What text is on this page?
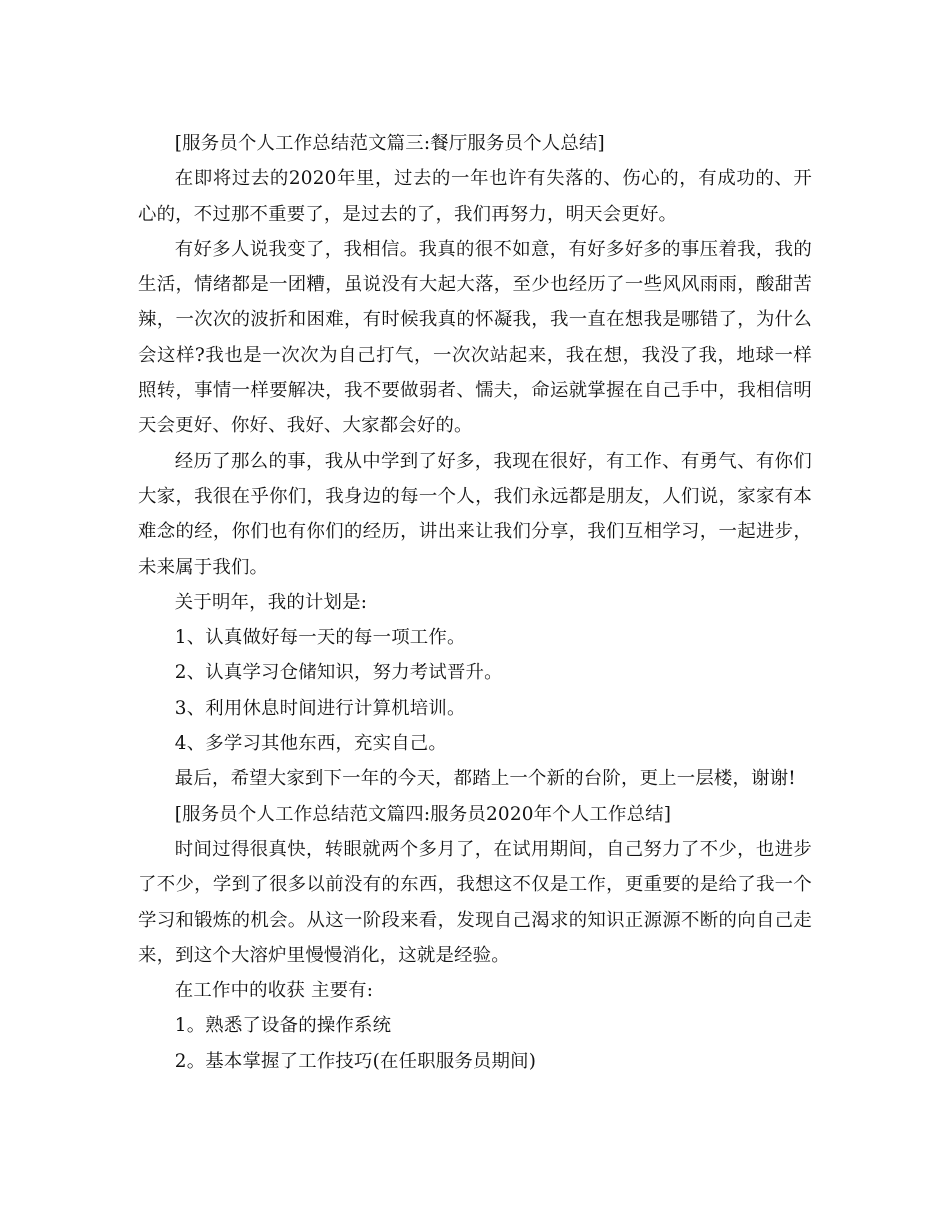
[服务员个人工作总结范文篇三:餐厅服务员个人总结]

在即将过去的2020年里，过去的一年也许有失落的、伤心的，有成功的、开心的，不过那不重要了，是过去的了，我们再努力，明天会更好。

有好多人说我变了，我相信。我真的很不如意，有好多好多的事压着我，我的生活，情绪都是一团糟，虽说没有大起大落，至少也经历了一些风风雨雨，酸甜苦辣，一次次的波折和困难，有时候我真的怀凝我，我一直在想我是哪错了，为什么会这样?我也是一次次为自己打气，一次次站起来，我在想，我没了我，地球一样照转，事情一样要解决，我不要做弱者、懦夫，命运就掌握在自己手中，我相信明天会更好、你好、我好、大家都会好的。

经历了那么的事，我从中学到了好多，我现在很好，有工作、有勇气、有你们大家，我很在乎你们，我身边的每一个人，我们永远都是朋友，人们说，家家有本难念的经，你们也有你们的经历，讲出来让我们分享，我们互相学习，一起进步，未来属于我们。

关于明年，我的计划是:

1、认真做好每一天的每一项工作。

2、认真学习仓储知识，努力考试晋升。

3、利用休息时间进行计算机培训。

4、多学习其他东西，充实自己。

最后，希望大家到下一年的今天，都踏上一个新的台阶，更上一层楼，谢谢!

[服务员个人工作总结范文篇四:服务员2020年个人工作总结]

时间过得很真快，转眼就两个多月了，在试用期间，自己努力了不少，也进步了不少，学到了很多以前没有的东西，我想这不仅是工作，更重要的是给了我一个学习和锻炼的机会。从这一阶段来看，发现自己渴求的知识正源源不断的向自己走来，到这个大溶炉里慢慢消化，这就是经验。

在工作中的收获 主要有:

1。熟悉了设备的操作系统

2。基本掌握了工作技巧(在任职服务员期间)
